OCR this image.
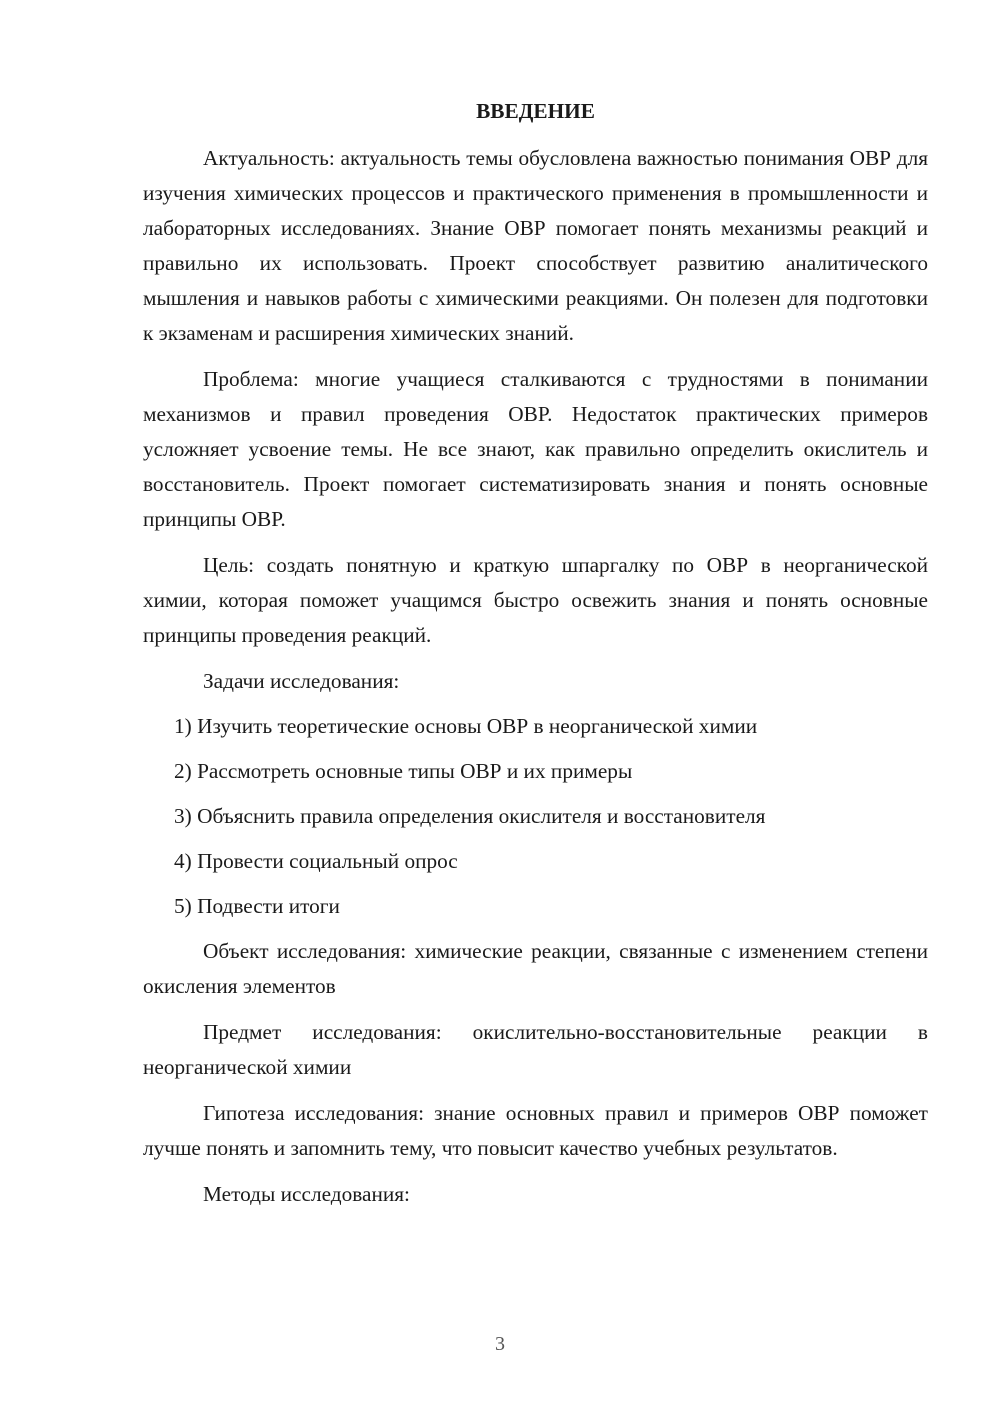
ВВЕДЕНИЕ

Актуальность: актуальность темы обусловлена важностью понимания ОВР для изучения химических процессов и практического применения в промышленности и лабораторных исследованиях. Знание ОВР помогает понять механизмы реакций и правильно их использовать. Проект способствует развитию аналитического мышления и навыков работы с химическими реакциями. Он полезен для подготовки к экзаменам и расширения химических знаний.

Проблема: многие учащиеся сталкиваются с трудностями в понимании механизмов и правил проведения ОВР. Недостаток практических примеров усложняет усвоение темы. Не все знают, как правильно определить окислитель и восстановитель. Проект помогает систематизировать знания и понять основные принципы ОВР.

Цель: создать понятную и краткую шпаргалку по ОВР в неорганической химии, которая поможет учащимся быстро освежить знания и понять основные принципы проведения реакций.

Задачи исследования:

1) Изучить теоретические основы ОВР в неорганической химии
2) Рассмотреть основные типы ОВР и их примеры
3) Объяснить правила определения окислителя и восстановителя
4) Провести социальный опрос
5) Подвести итоги

Объект исследования: химические реакции, связанные с изменением степени окисления элементов

Предмет исследования: окислительно-восстановительные реакции в неорганической химии

Гипотеза исследования: знание основных правил и примеров ОВР поможет лучше понять и запомнить тему, что повысит качество учебных результатов.

Методы исследования:

3
